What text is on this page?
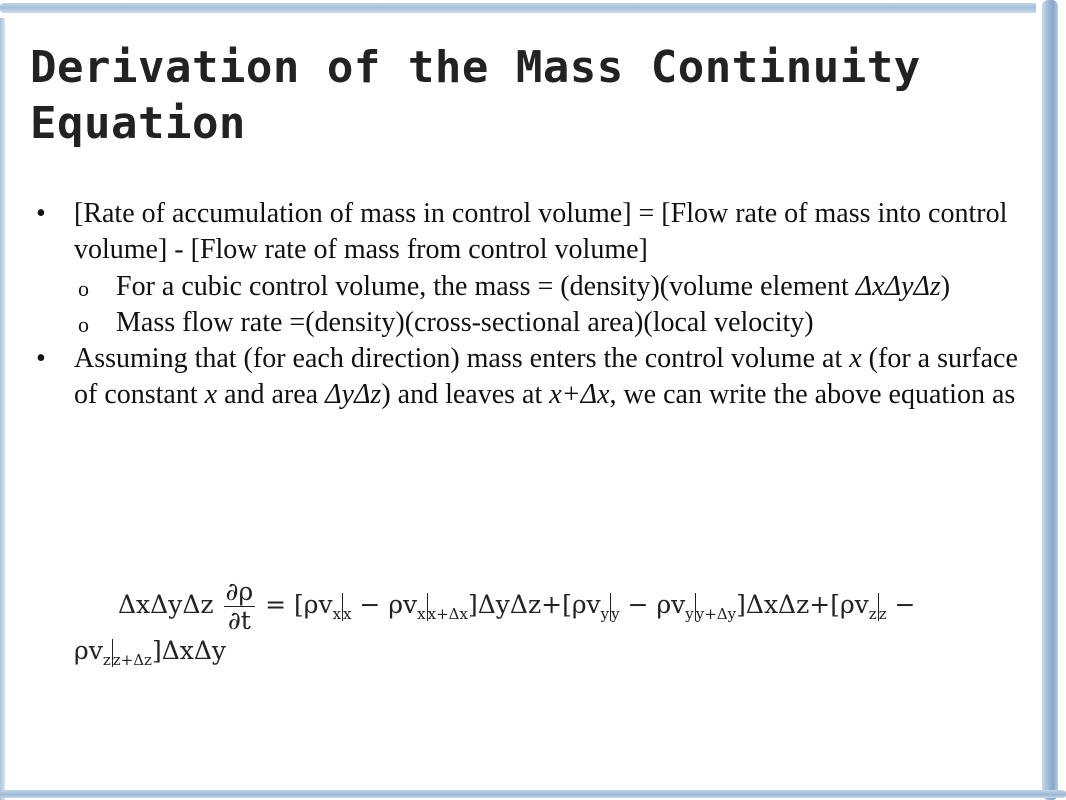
Derivation of the Mass Continuity Equation
• [Rate of accumulation of mass in control volume] = [Flow rate of mass into control volume] - [Flow rate of mass from control volume]
o For a cubic control volume, the mass = (density)(volume element ΔxΔyΔz)
o Mass flow rate =(density)(cross-sectional area)(local velocity)
• Assuming that (for each direction) mass enters the control volume at x (for a surface of constant x and area ΔyΔz) and leaves at x+Δx, we can write the above equation as
ΔxΔyΔz $\frac{\partial\rho}{\partial t} = [\rho v_x$ $_x - \rho v_x$ $_{x+\Delta x}]\Delta y\Delta z+[\rho v_y$ $_y - \rho v_y$ $_{y+\Delta y}]\Delta x\Delta z+[\rho v_z$ $_z$ −
$\rho v_z$ $_{z+\Delta z}$]ΔxΔy
